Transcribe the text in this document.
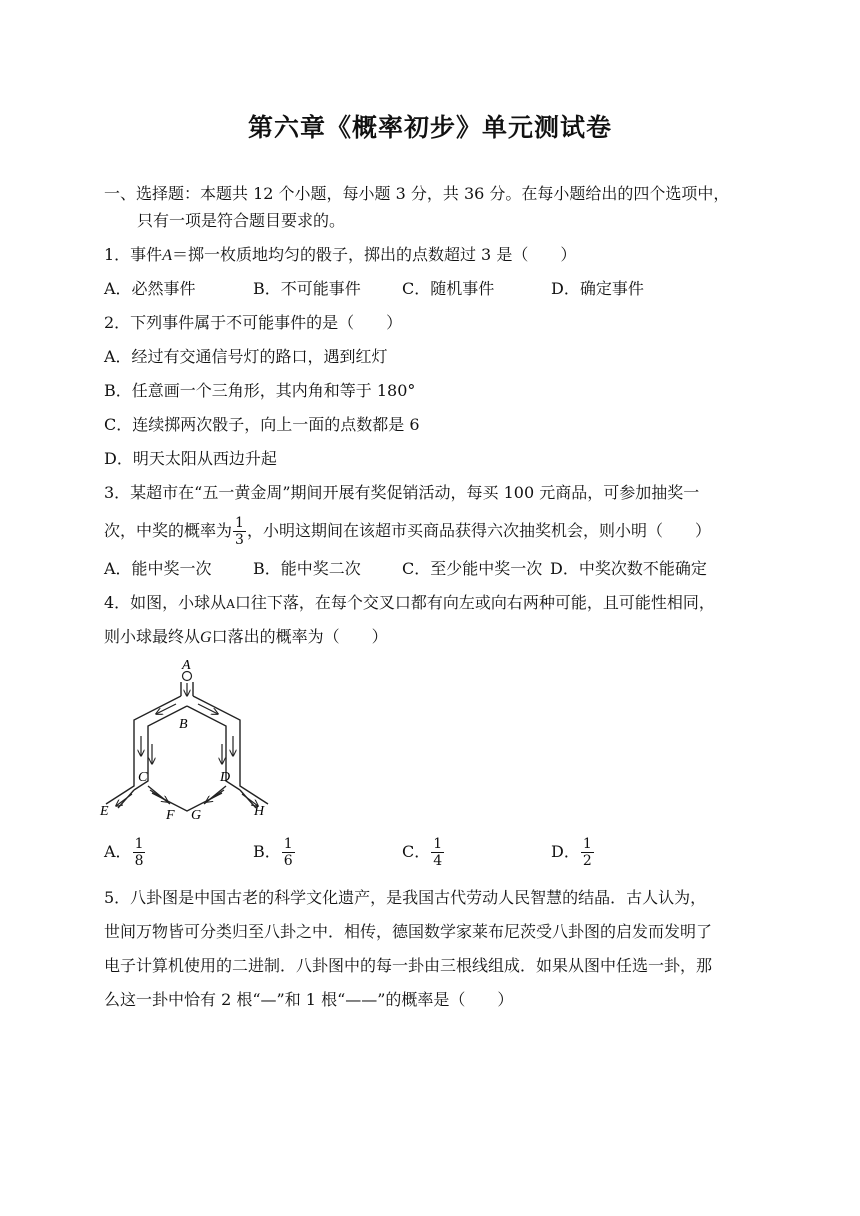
第六章《概率初步》单元测试卷
一、选择题：本题共 12 个小题，每小题 3 分，共 36 分。在每小题给出的四个选项中，
只有一项是符合题目要求的。
1．事件A＝掷一枚质地均匀的骰子，掷出的点数超过 3 是（　　）
A．必然事件	B．不可能事件	C．随机事件	D．确定事件
2．下列事件属于不可能事件的是（　　）
A．经过有交通信号灯的路口，遇到红灯
B．任意画一个三角形，其内角和等于 180°
C．连续掷两次骰子，向上一面的点数都是 6
D．明天太阳从西边升起
3．某超市在“五一黄金周”期间开展有奖促销活动，每买 100 元商品，可参加抽奖一
次，中奖的概率为 $\frac{1}{3}$ ，小明这期间在该超市买商品获得六次抽奖机会，则小明（　　）
A．能中奖一次	B．能中奖二次	C．至少能中奖一次 D．中奖次数不能确定
4．如图，小球从A口往下落，在每个交叉口都有向左或向右两种可能，且可能性相同，
则小球最终从G口落出的概率为（　　）
A
B
C	D
E	F G	H
A． $\frac{1}{8}$	B． $\frac{1}{6}$	C． $\frac{1}{4}$	D． $\frac{1}{2}$
5．八卦图是中国古老的科学文化遗产，是我国古代劳动人民智慧的结晶．古人认为，
世间万物皆可分类归至八卦之中．相传，德国数学家莱布尼茨受八卦图的启发而发明了
电子计算机使用的二进制．八卦图中的每一卦由三根线组成．如果从图中任选一卦，那
么这一卦中恰有 2 根“—”和 1 根“——”的概率是（　　）
